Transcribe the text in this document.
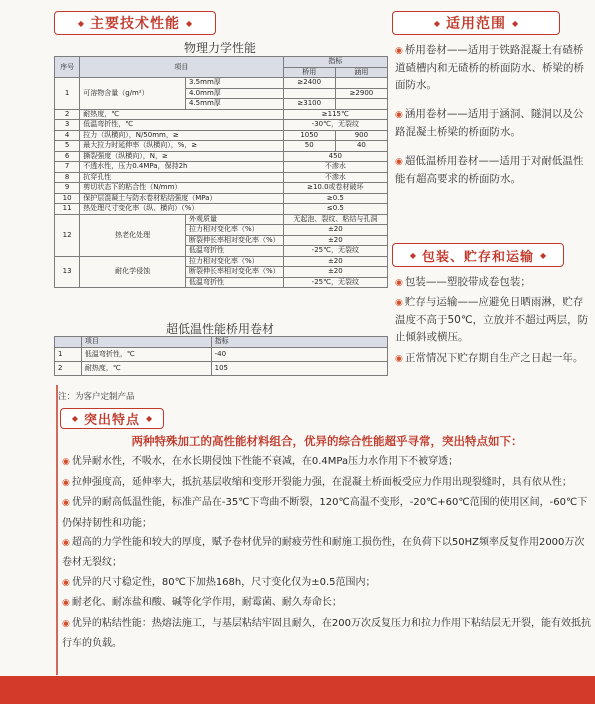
◆ 主要技术性能 ◆
物理力学性能
序号	项目		指标	
			桥用	涵用
1	可溶物含量（g/m²）	3.5mm厚	≥2400	
		4.0mm厚		≥2900
		4.5mm厚	≥3100	
2	耐热度，℃		≥115℃	
3	低温弯折性，℃		-30℃，无裂纹	
4	拉力（纵横向），N/50mm，≥		1050	900
5	最大拉力时延伸率（纵横向），%，≥		50	40
6	撕裂强度（纵横向），N，≥		450	
7	不透水性，压力0.4MPa，保持2h		不渗水	
8	抗穿孔性		不渗水	
9	剪切状态下的粘合性（N/mm）		≥10.0或卷材破坏	
10	保护层混凝土与防水卷材粘结强度（MPa）		≥0.5	
11	热处理尺寸变化率（纵、横向）（%）		≤0.5	
12	热老化处理	外观质量	无起泡、裂纹、粘结与孔洞	
		拉力相对变化率（%）	±20	
		断裂伸长率相对变化率（%）	±20	
		低温弯折性	-25℃，无裂纹	
13	耐化学侵蚀	拉力相对变化率（%）	±20	
		断裂伸长率相对变化率（%）	±20	
		低温弯折性	-25℃，无裂纹	
超低温性能桥用卷材
	项目	指标
1	低温弯折性，℃	-40
2	耐热度，℃	105
注：为客户定制产品
◆ 适用范围 ◆

◉ 桥用卷材——适用于铁路混凝土有碴桥道碴槽内和无碴桥的桥面防水、桥梁的桥面防水。

◉ 涵用卷材——适用于涵洞、隧洞以及公路混凝土桥梁的桥面防水。

◉ 超低温桥用卷材——适用于对耐低温性能有超高要求的桥面防水。

◆ 包装、贮存和运输 ◆

◉ 包装——塑胶带成卷包装；

◉ 贮存与运输——应避免日晒雨淋，贮存温度不高于50℃，立放并不超过两层，防止倾斜或横压。

◉ 正常情况下贮存期自生产之日起一年。

◆ 突出特点 ◆
两种特殊加工的高性能材料组合，优异的综合性能超乎寻常，突出特点如下：
◉ 优异耐水性，不吸水，在水长期侵蚀下性能不衰减，在0.4MPa压力水作用下不被穿透；
◉ 拉伸强度高，延伸率大，抵抗基层收缩和变形开裂能力强，在混凝土桥面板受应力作用出现裂缝时，具有依从性；
◉ 优异的耐高低温性能，标准产品在-35℃下弯曲不断裂，120℃高温不变形，-20℃+60℃范围的使用区间，-60℃下仍保持韧性和功能；
◉ 超高的力学性能和较大的厚度，赋予卷材优异的耐疲劳性和耐施工损伤性，在负荷下以50HZ频率反复作用2000万次卷材无裂纹；
◉ 优异的尺寸稳定性，80℃下加热168h，尺寸变化仅为±0.5范围内；
◉ 耐老化、耐冻盐和酸、碱等化学作用，耐霉菌、耐久寿命长；
◉ 优异的粘结性能：热熔法施工，与基层粘结牢固且耐久，在200万次反复压力和拉力作用下粘结层无开裂，能有效抵抗行车的负载。
